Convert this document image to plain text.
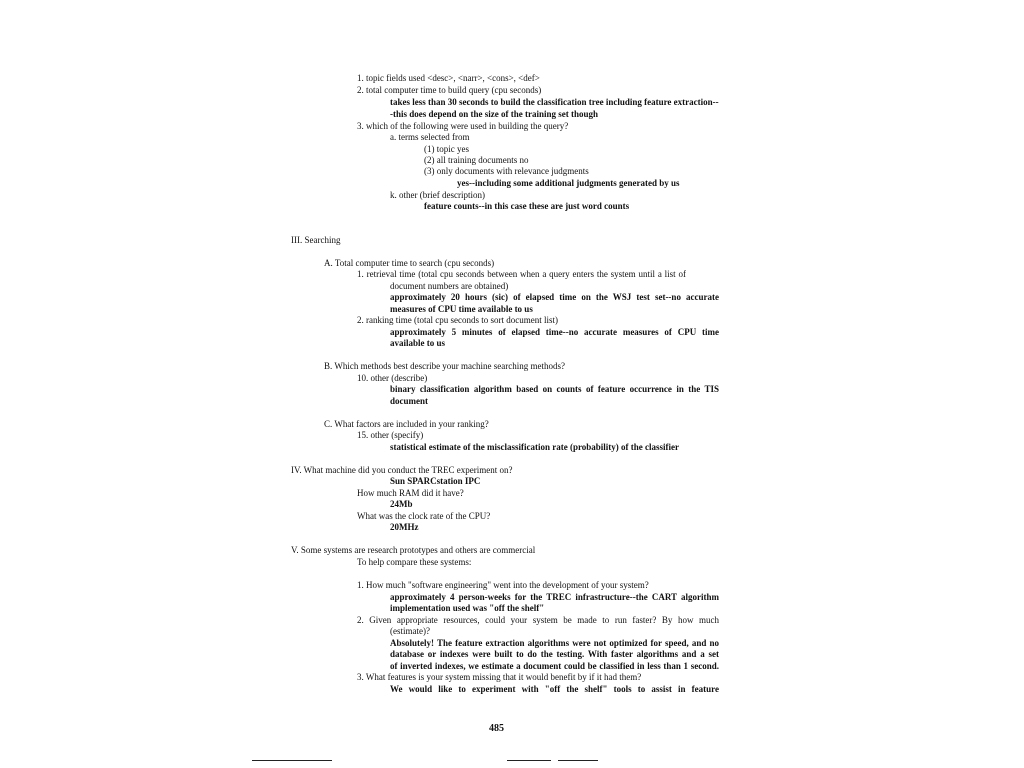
1. topic fields used <desc>, <narr>, <cons>, <def>
2. total computer time to build query (cpu seconds)
takes less than 30 seconds to build the classification tree including feature extraction--
-this does depend on the size of the training set though
3. which of the following were used in building the query?
a. terms selected from
(1) topic yes
(2) all training documents no
(3) only documents with relevance judgments
yes--including some additional judgments generated by us
k. other (brief description)
feature counts--in this case these are just word counts
III. Searching
A. Total computer time to search (cpu seconds)
1. retrieval time (total cpu seconds between when a query enters the system until a list of
document numbers are obtained)
approximately 20 hours (sic) of elapsed time on the WSJ test set--no accurate
measures of CPU time available to us
2. ranking time (total cpu seconds to sort document list)
approximately 5 minutes of elapsed time--no accurate measures of CPU time
available to us
B. Which methods best describe your machine searching methods?
10. other (describe)
binary classification algorithm based on counts of feature occurrence in the TIS
document
C. What factors are included in your ranking?
15. other (specify)
statistical estimate of the misclassification rate (probability) of the classifier
IV. What machine did you conduct the TREC experiment on?
Sun SPARCstation IPC
How much RAM did it have?
24Mb
What was the clock rate of the CPU?
20MHz
V. Some systems are research prototypes and others are commercial
To help compare these systems:
1. How much "software engineering" went into the development of your system?
approximately 4 person-weeks for the TREC infrastructure--the CART algorithm
implementation used was "off the shelf"
2. Given appropriate resources, could your system be made to run faster? By how much
(estimate)?
Absolutely! The feature extraction algorithms were not optimized for speed, and no
database or indexes were built to do the testing. With faster algorithms and a set
of inverted indexes, we estimate a document could be classified in less than 1 second.
3. What features is your system missing that it would benefit by if it had them?
We would like to experiment with "off the shelf" tools to assist in feature
485
